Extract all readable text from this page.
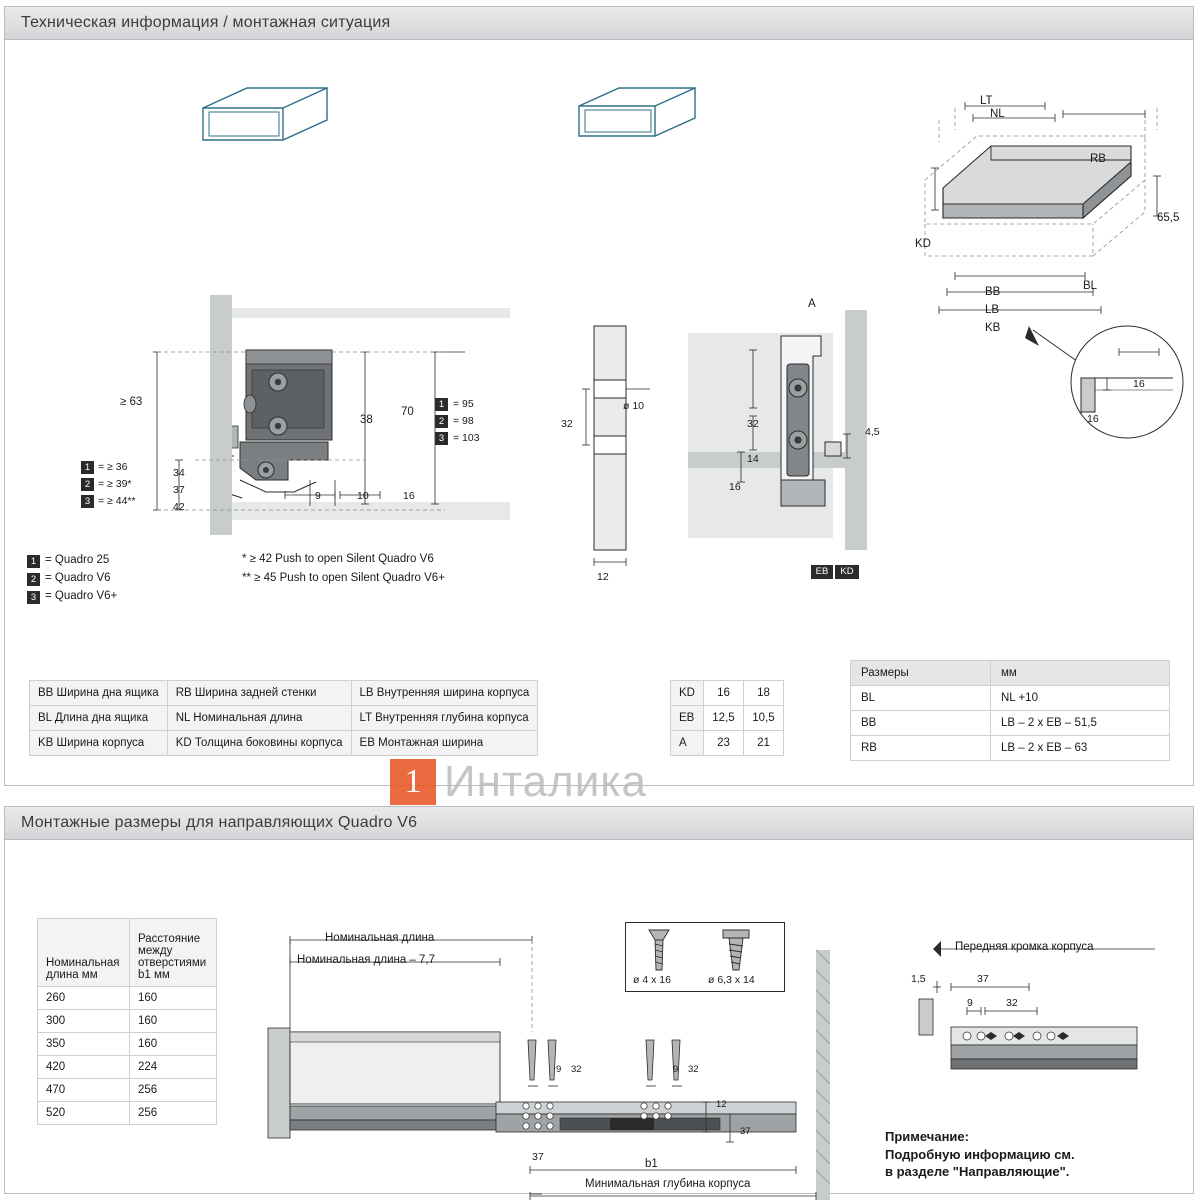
Техническая информация / монтажная ситуация
LT
NL
RB
KD
65,5
BB
LB
KB
BL
16
16
≥ 63
38
70
34
37
42
1 = ≥ 36
2 = ≥ 39*
3 = ≥ 44**	9	10	16
1 = 95
2 = 98
3 = 103
1 = Quadro 25
2 = Quadro V6
3 = Quadro V6+
* ≥ 42 Push to open Silent Quadro V6
** ≥ 45 Push to open Silent Quadro V6+
32
ø 10
12
A
32
14
16
4,5
EB	KD
BB Ширина дна ящика	RB Ширина задней стенки	LB Внутренняя ширина корпуса
BL Длина дна ящика	NL Номинальная длина	LT Внутренняя глубина корпуса
KB Ширина корпуса	KD Толщина боковины корпуса	EB Монтажная ширина
KD	16	18
EB	12,5	10,5
A	23	21
Размеры	мм
BL	NL +10
BB	LB – 2 x EB – 51,5
RB	LB – 2 x EB – 63
1 Инталика
Монтажные размеры для направляющих Quadro V6
Номинальная длина мм	Расстояние между отверстиями b1 мм
260	160
300	160
350	160
420	224
470	256
520	256
Номинальная длина
Номинальная длина – 7,7
9 32	9 32
12
37
37
b1
Минимальная глубина корпуса
ø 4 x 16	ø 6,3 x 14
Передняя кромка корпуса
1,5	37
9	32
Примечание:
Подробную информацию см.
в разделе "Направляющие".
